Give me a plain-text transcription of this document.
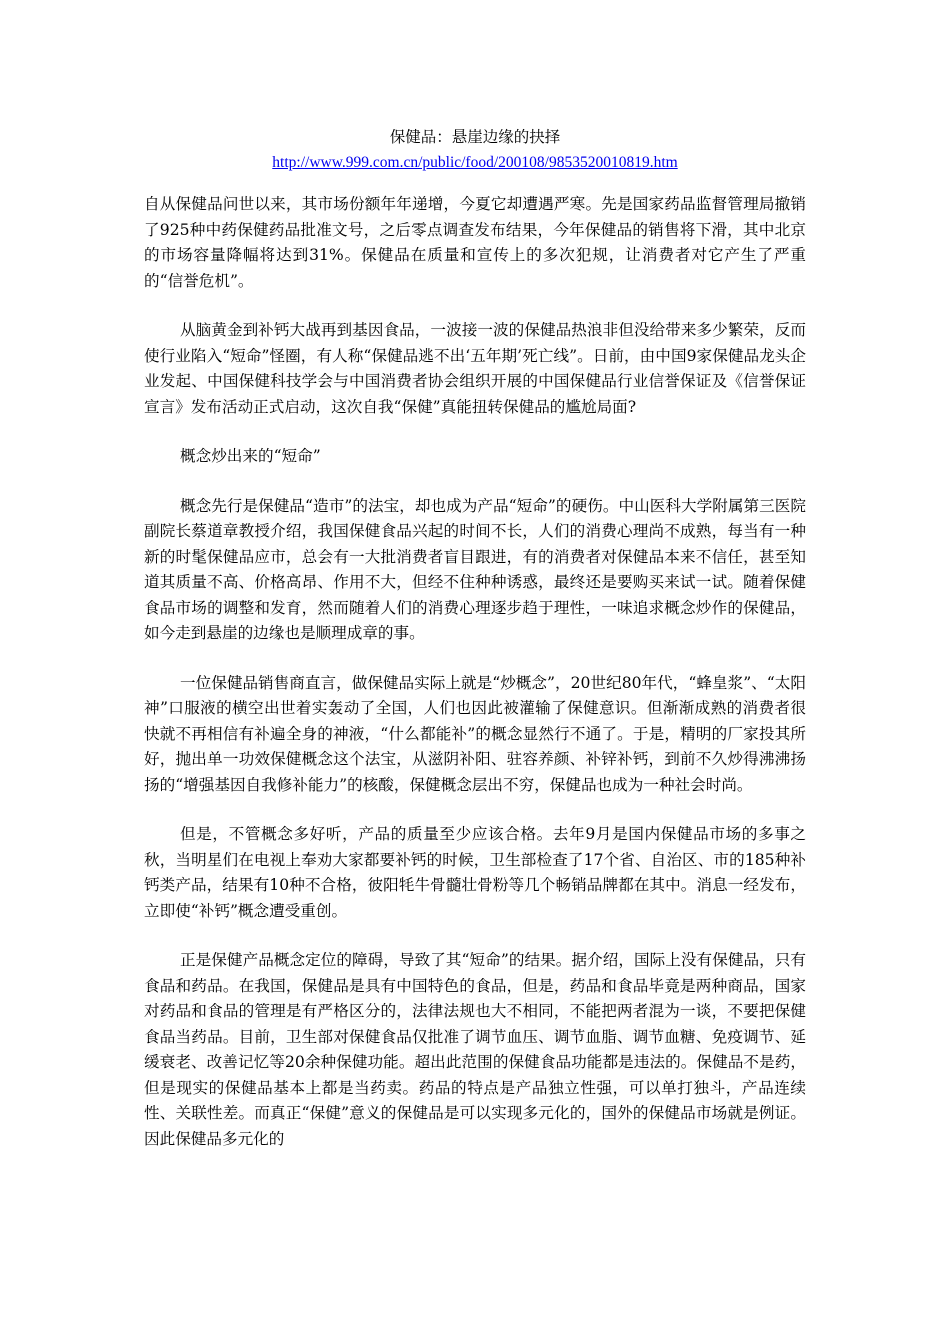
保健品：悬崖边缘的抉择

http://www.999.com.cn/public/food/200108/9853520010819.htm

自从保健品问世以来，其市场份额年年递增，今夏它却遭遇严寒。先是国家药品监督管理局撤销了925种中药保健药品批准文号，之后零点调查发布结果，今年保健品的销售将下滑，其中北京的市场容量降幅将达到31%。保健品在质量和宣传上的多次犯规，让消费者对它产生了严重的“信誉危机”。

从脑黄金到补钙大战再到基因食品，一波接一波的保健品热浪非但没给带来多少繁荣，反而使行业陷入“短命”怪圈，有人称“保健品逃不出‘五年期’死亡线”。日前，由中国9家保健品龙头企业发起、中国保健科技学会与中国消费者协会组织开展的中国保健品行业信誉保证及《信誉保证宣言》发布活动正式启动，这次自我“保健”真能扭转保健品的尴尬局面?

概念炒出来的“短命”

概念先行是保健品“造市”的法宝，却也成为产品“短命”的硬伤。中山医科大学附属第三医院副院长蔡道章教授介绍，我国保健食品兴起的时间不长，人们的消费心理尚不成熟，每当有一种新的时髦保健品应市，总会有一大批消费者盲目跟进，有的消费者对保健品本来不信任，甚至知道其质量不高、价格高昂、作用不大，但经不住种种诱惑，最终还是要购买来试一试。随着保健食品市场的调整和发育，然而随着人们的消费心理逐步趋于理性，一味追求概念炒作的保健品，如今走到悬崖的边缘也是顺理成章的事。

一位保健品销售商直言，做保健品实际上就是“炒概念”，20世纪80年代，“蜂皇浆”、“太阳神”口服液的横空出世着实轰动了全国，人们也因此被灌输了保健意识。但渐渐成熟的消费者很快就不再相信有补遍全身的神液，“什么都能补”的概念显然行不通了。于是，精明的厂家投其所好，抛出单一功效保健概念这个法宝，从滋阴补阳、驻容养颜、补锌补钙，到前不久炒得沸沸扬扬的“增强基因自我修补能力”的核酸，保健概念层出不穷，保健品也成为一种社会时尚。

但是，不管概念多好听，产品的质量至少应该合格。去年9月是国内保健品市场的多事之秋，当明星们在电视上奉劝大家都要补钙的时候，卫生部检查了17个省、自治区、市的185种补钙类产品，结果有10种不合格，彼阳牦牛骨髓壮骨粉等几个畅销品牌都在其中。消息一经发布，立即使“补钙”概念遭受重创。

正是保健产品概念定位的障碍，导致了其“短命”的结果。据介绍，国际上没有保健品，只有食品和药品。在我国，保健品是具有中国特色的食品，但是，药品和食品毕竟是两种商品，国家对药品和食品的管理是有严格区分的，法律法规也大不相同，不能把两者混为一谈，不要把保健食品当药品。目前，卫生部对保健食品仅批准了调节血压、调节血脂、调节血糖、免疫调节、延缓衰老、改善记忆等20余种保健功能。超出此范围的保健食品功能都是违法的。保健品不是药，但是现实的保健品基本上都是当药卖。药品的特点是产品独立性强，可以单打独斗，产品连续性、关联性差。而真正“保健”意义的保健品是可以实现多元化的，国外的保健品市场就是例证。因此保健品多元化的
